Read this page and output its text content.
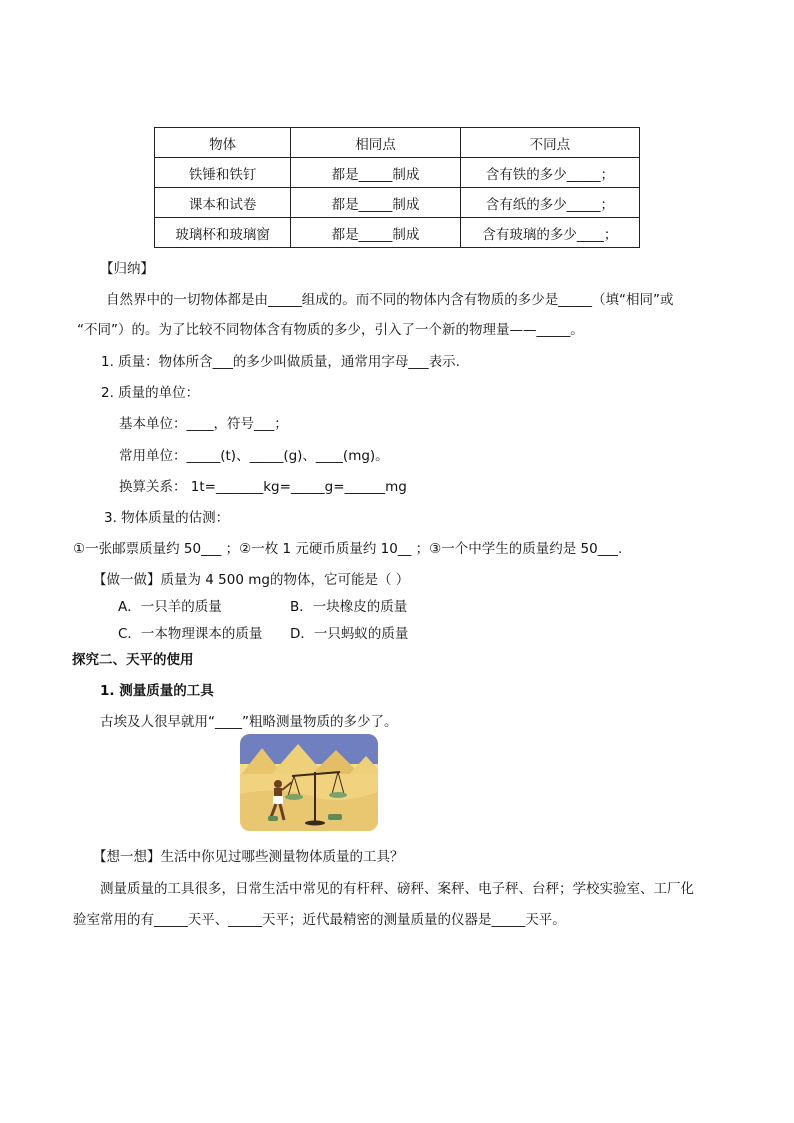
物体	相同点	不同点
铁锤和铁钉	都是_____制成	含有铁的多少_____；
课本和试卷	都是_____制成	含有纸的多少_____；
玻璃杯和玻璃窗	都是_____制成	含有玻璃的多少____；
【归纳】
自然界中的一切物体都是由_____组成的。而不同的物体内含有物质的多少是_____（填“相同”或
“不同”）的。为了比较不同物体含有物质的多少，引入了一个新的物理量——_____。
1. 质量：物体所含___的多少叫做质量，通常用字母___表示.
2. 质量的单位：
基本单位：____，符号___；
常用单位：_____(t)、_____(g)、____(mg)。
换算关系： 1t=_______kg=_____g=______mg
3. 物体质量的估测：
①一张邮票质量约 50___ ；②一枚 1 元硬币质量约 10__ ；③一个中学生的质量约是 50___.
【做一做】质量为 4 500 mg的物体，它可能是（ ）
A．一只羊的质量	B．一块橡皮的质量
C．一本物理课本的质量 D．一只蚂蚁的质量
探究二、天平的使用
1. 测量质量的工具
古埃及人很早就用“____”粗略测量物质的多少了。
【想一想】生活中你见过哪些测量物体质量的工具？
测量质量的工具很多，日常生活中常见的有杆秤、磅秤、案秤、电子秤、台秤；学校实验室、工厂化
验室常用的有_____天平、_____天平；近代最精密的测量质量的仪器是_____天平。
